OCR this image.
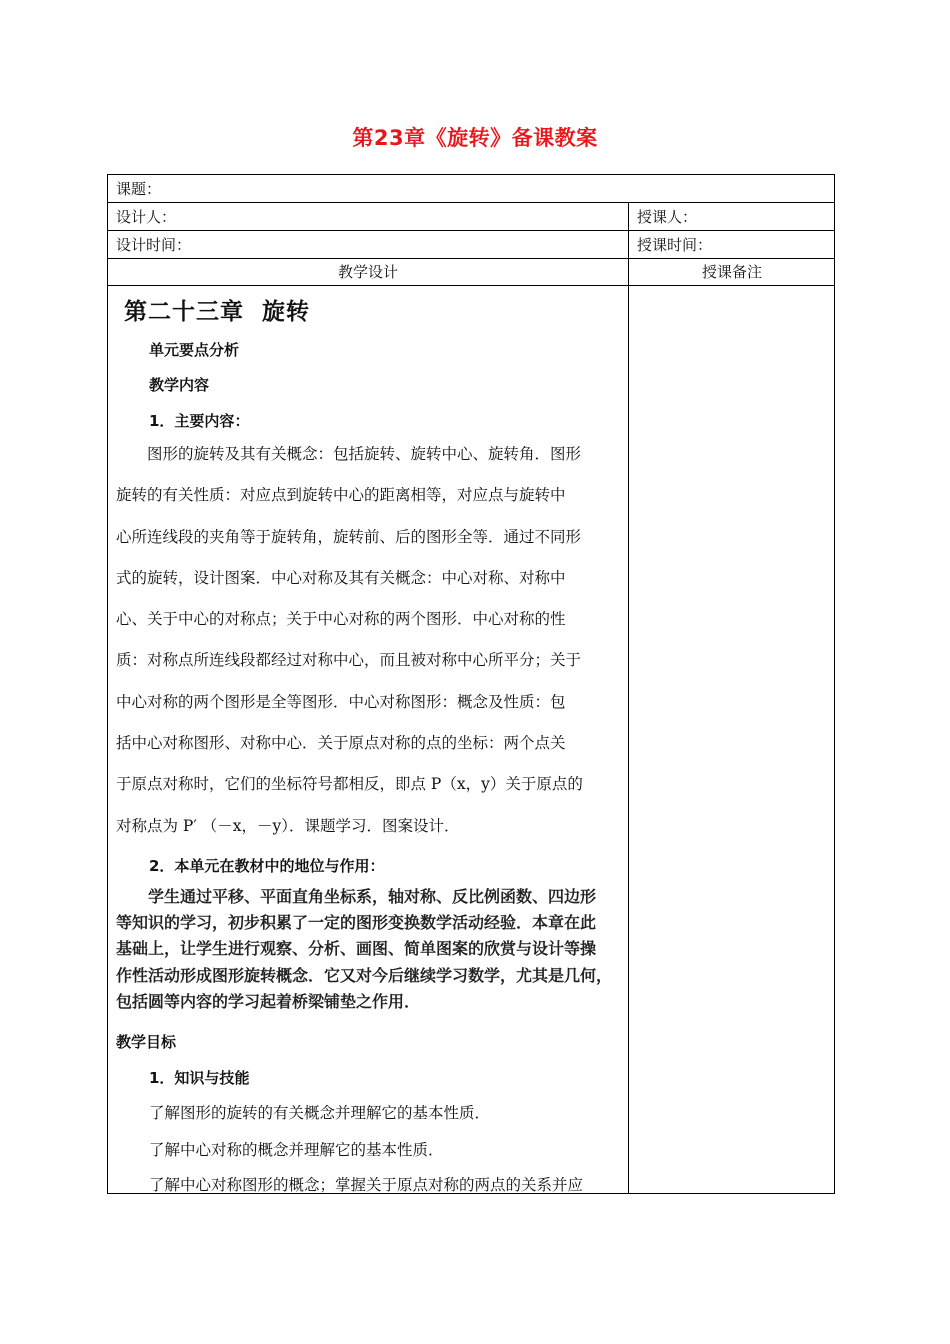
第23章《旋转》备课教案
课题：
设计人：	授课人：
设计时间：	授课时间：
教学设计	授课备注
第二十三章 旋转
单元要点分析
教学内容
1．主要内容：
　　图形的旋转及其有关概念：包括旋转、旋转中心、旋转角．图形
旋转的有关性质：对应点到旋转中心的距离相等，对应点与旋转中
心所连线段的夹角等于旋转角，旋转前、后的图形全等．通过不同形
式的旋转，设计图案．中心对称及其有关概念：中心对称、对称中
心、关于中心的对称点；关于中心对称的两个图形．中心对称的性
质：对称点所连线段都经过对称中心，而且被对称中心所平分；关于
中心对称的两个图形是全等图形．中心对称图形：概念及性质：包
括中心对称图形、对称中心．关于原点对称的点的坐标：两个点关
于原点对称时，它们的坐标符号都相反，即点 P（x，y）关于原点的
对称点为 P′ （－x，－y）．课题学习．图案设计．
2．本单元在教材中的地位与作用：
　　学生通过平移、平面直角坐标系，轴对称、反比例函数、四边形
等知识的学习，初步积累了一定的图形变换数学活动经验．本章在此
基础上，让学生进行观察、分析、画图、简单图案的欣赏与设计等操
作性活动形成图形旋转概念．它又对今后继续学习数学，尤其是几何，
包括圆等内容的学习起着桥梁铺垫之作用．
教学目标
1．知识与技能
了解图形的旋转的有关概念并理解它的基本性质．
了解中心对称的概念并理解它的基本性质．
了解中心对称图形的概念；掌握关于原点对称的两点的关系并应
